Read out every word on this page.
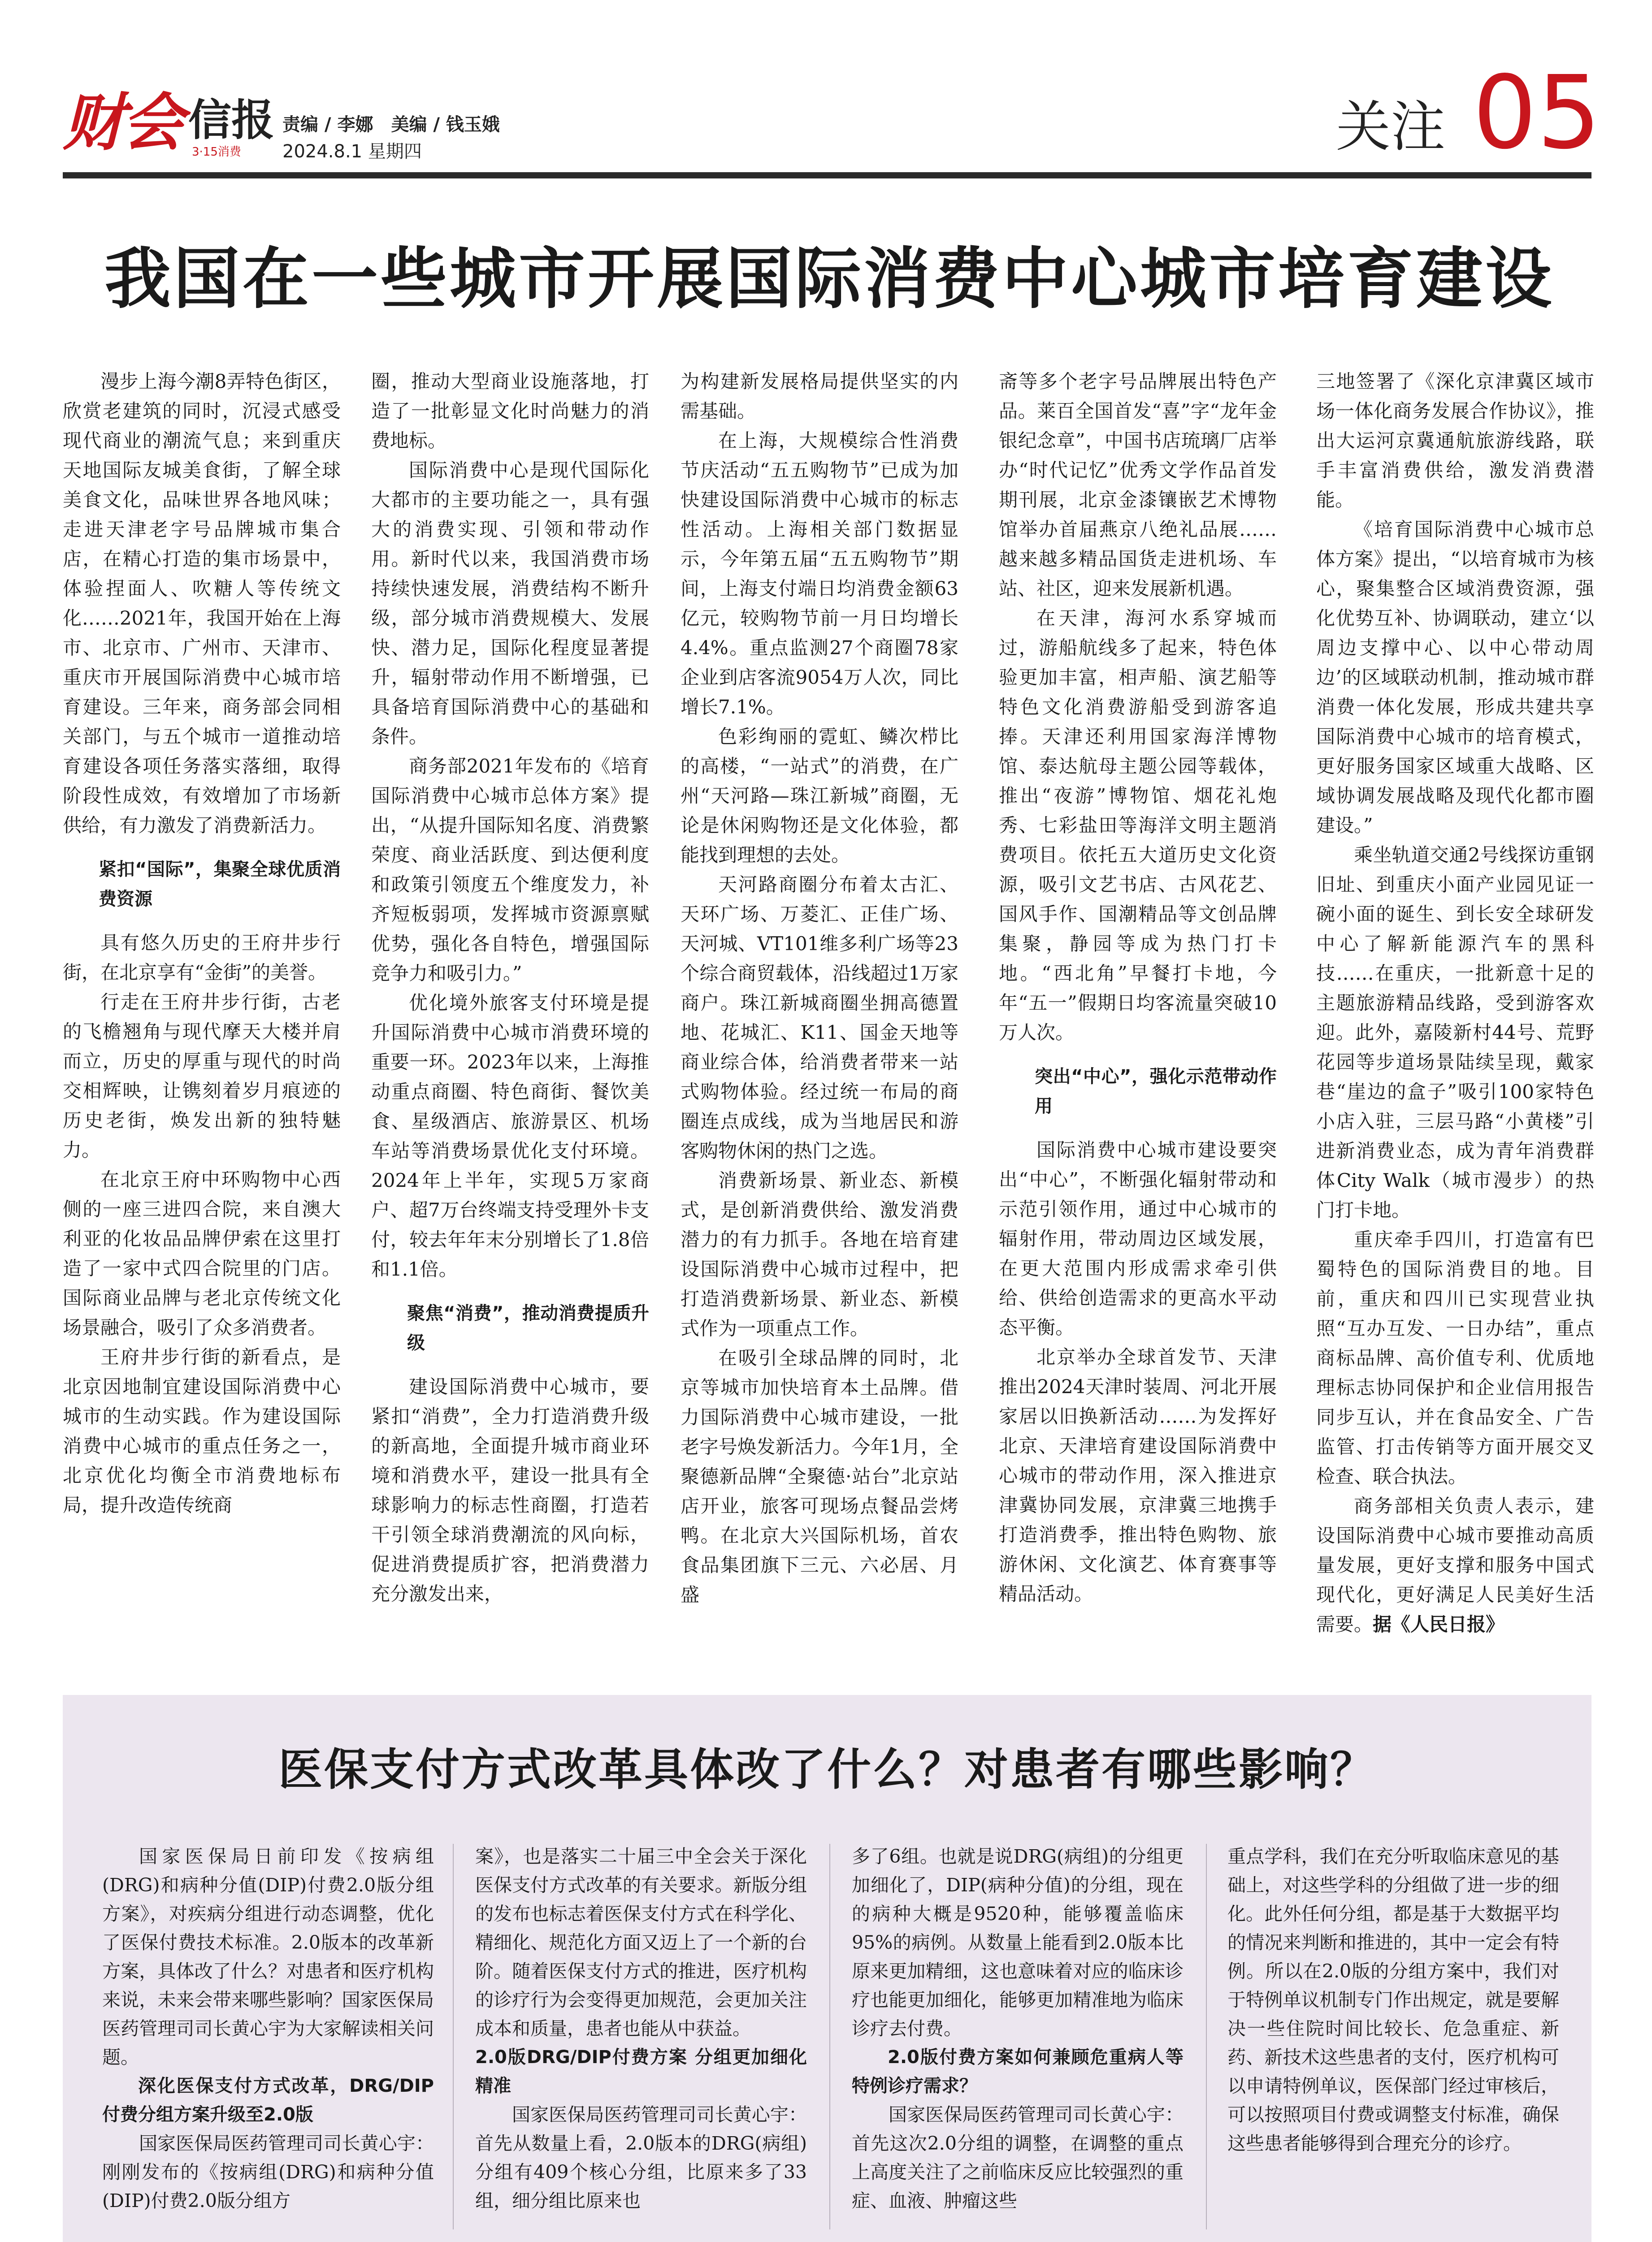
财会 3·15消费
信报 责编 / 李娜　美编 / 钱玉娥
2024.8.1 星期四	关注 05
我国在一些城市开展国际消费中心城市培育建设

漫步上海今潮8弄特色街区，欣赏老建筑的同时，沉浸式感受现代商业的潮流气息；来到重庆天地国际友城美食街，了解全球美食文化，品味世界各地风味；走进天津老字号品牌城市集合店，在精心打造的集市场景中，体验捏面人、吹糖人等传统文化……2021年，我国开始在上海市、北京市、广州市、天津市、重庆市开展国际消费中心城市培育建设。三年来，商务部会同相关部门，与五个城市一道推动培育建设各项任务落实落细，取得阶段性成效，有效增加了市场新供给，有力激发了消费新活力。

紧扣“国际”，集聚全球优质消费资源

具有悠久历史的王府井步行街，在北京享有“金街”的美誉。

行走在王府井步行街，古老的飞檐翘角与现代摩天大楼并肩而立，历史的厚重与现代的时尚交相辉映，让镌刻着岁月痕迹的历史老街，焕发出新的独特魅力。

在北京王府中环购物中心西侧的一座三进四合院，来自澳大利亚的化妆品品牌伊索在这里打造了一家中式四合院里的门店。国际商业品牌与老北京传统文化场景融合，吸引了众多消费者。

王府井步行街的新看点，是北京因地制宜建设国际消费中心城市的生动实践。作为建设国际消费中心城市的重点任务之一，北京优化均衡全市消费地标布局，提升改造传统商

圈，推动大型商业设施落地，打造了一批彰显文化时尚魅力的消费地标。

国际消费中心是现代国际化大都市的主要功能之一，具有强大的消费实现、引领和带动作用。新时代以来，我国消费市场持续快速发展，消费结构不断升级，部分城市消费规模大、发展快、潜力足，国际化程度显著提升，辐射带动作用不断增强，已具备培育国际消费中心的基础和条件。

商务部2021年发布的《培育国际消费中心城市总体方案》提出，“从提升国际知名度、消费繁荣度、商业活跃度、到达便利度和政策引领度五个维度发力，补齐短板弱项，发挥城市资源禀赋优势，强化各自特色，增强国际竞争力和吸引力。”

优化境外旅客支付环境是提升国际消费中心城市消费环境的重要一环。2023年以来，上海推动重点商圈、特色商街、餐饮美食、星级酒店、旅游景区、机场车站等消费场景优化支付环境。2024年上半年，实现5万家商户、超7万台终端支持受理外卡支付，较去年年末分别增长了1.8倍和1.1倍。

聚焦“消费”，推动消费提质升级

建设国际消费中心城市，要紧扣“消费”，全力打造消费升级的新高地，全面提升城市商业环境和消费水平，建设一批具有全球影响力的标志性商圈，打造若干引领全球消费潮流的风向标，促进消费提质扩容，把消费潜力充分激发出来，

为构建新发展格局提供坚实的内需基础。

在上海，大规模综合性消费节庆活动“五五购物节”已成为加快建设国际消费中心城市的标志性活动。上海相关部门数据显示，今年第五届“五五购物节”期间，上海支付端日均消费金额63亿元，较购物节前一月日均增长4.4%。重点监测27个商圈78家企业到店客流9054万人次，同比增长7.1%。

色彩绚丽的霓虹、鳞次栉比的高楼，“一站式”的消费，在广州“天河路—珠江新城”商圈，无论是休闲购物还是文化体验，都能找到理想的去处。

天河路商圈分布着太古汇、天环广场、万菱汇、正佳广场、天河城、VT101维多利广场等23个综合商贸载体，沿线超过1万家商户。珠江新城商圈坐拥高德置地、花城汇、K11、国金天地等商业综合体，给消费者带来一站式购物体验。经过统一布局的商圈连点成线，成为当地居民和游客购物休闲的热门之选。

消费新场景、新业态、新模式，是创新消费供给、激发消费潜力的有力抓手。各地在培育建设国际消费中心城市过程中，把打造消费新场景、新业态、新模式作为一项重点工作。

在吸引全球品牌的同时，北京等城市加快培育本土品牌。借力国际消费中心城市建设，一批老字号焕发新活力。今年1月，全聚德新品牌“全聚德·站台”北京站店开业，旅客可现场点餐品尝烤鸭。在北京大兴国际机场，首农食品集团旗下三元、六必居、月盛

斋等多个老字号品牌展出特色产品。莱百全国首发“喜”字“龙年金银纪念章”，中国书店琉璃厂店举办“时代记忆”优秀文学作品首发期刊展，北京金漆镶嵌艺术博物馆举办首届燕京八绝礼品展……越来越多精品国货走进机场、车站、社区，迎来发展新机遇。

在天津，海河水系穿城而过，游船航线多了起来，特色体验更加丰富，相声船、演艺船等特色文化消费游船受到游客追捧。天津还利用国家海洋博物馆、泰达航母主题公园等载体，推出“夜游”博物馆、烟花礼炮秀、七彩盐田等海洋文明主题消费项目。依托五大道历史文化资源，吸引文艺书店、古风花艺、国风手作、国潮精品等文创品牌集聚，静园等成为热门打卡地。“西北角”早餐打卡地，今年“五一”假期日均客流量突破10万人次。

突出“中心”，强化示范带动作用

国际消费中心城市建设要突出“中心”，不断强化辐射带动和示范引领作用，通过中心城市的辐射作用，带动周边区域发展，在更大范围内形成需求牵引供给、供给创造需求的更高水平动态平衡。

北京举办全球首发节、天津推出2024天津时装周、河北开展家居以旧换新活动……为发挥好北京、天津培育建设国际消费中心城市的带动作用，深入推进京津冀协同发展，京津冀三地携手打造消费季，推出特色购物、旅游休闲、文化演艺、体育赛事等精品活动。

三地签署了《深化京津冀区域市场一体化商务发展合作协议》，推出大运河京冀通航旅游线路，联手丰富消费供给，激发消费潜能。

《培育国际消费中心城市总体方案》提出，“以培育城市为核心，聚集整合区域消费资源，强化优势互补、协调联动，建立‘以周边支撑中心、以中心带动周边’的区域联动机制，推动城市群消费一体化发展，形成共建共享国际消费中心城市的培育模式，更好服务国家区域重大战略、区域协调发展战略及现代化都市圈建设。”

乘坐轨道交通2号线探访重钢旧址、到重庆小面产业园见证一碗小面的诞生、到长安全球研发中心了解新能源汽车的黑科技……在重庆，一批新意十足的主题旅游精品线路，受到游客欢迎。此外，嘉陵新村44号、荒野花园等步道场景陆续呈现，戴家巷“崖边的盒子”吸引100家特色小店入驻，三层马路“小黄楼”引进新消费业态，成为青年消费群体City Walk（城市漫步）的热门打卡地。

重庆牵手四川，打造富有巴蜀特色的国际消费目的地。目前，重庆和四川已实现营业执照“互办互发、一日办结”，重点商标品牌、高价值专利、优质地理标志协同保护和企业信用报告同步互认，并在食品安全、广告监管、打击传销等方面开展交叉检查、联合执法。

商务部相关负责人表示，建设国际消费中心城市要推动高质量发展，更好支撑和服务中国式现代化，更好满足人民美好生活需要。据《人民日报》

医保支付方式改革具体改了什么？对患者有哪些影响？

国家医保局日前印发《按病组(DRG)和病种分值(DIP)付费2.0版分组方案》，对疾病分组进行动态调整，优化了医保付费技术标准。2.0版本的改革新方案，具体改了什么？对患者和医疗机构来说，未来会带来哪些影响？国家医保局医药管理司司长黄心宇为大家解读相关问题。

深化医保支付方式改革，DRG/DIP付费分组方案升级至2.0版

国家医保局医药管理司司长黄心宇：刚刚发布的《按病组(DRG)和病种分值(DIP)付费2.0版分组方

案》，也是落实二十届三中全会关于深化医保支付方式改革的有关要求。新版分组的发布也标志着医保支付方式在科学化、精细化、规范化方面又迈上了一个新的台阶。随着医保支付方式的推进，医疗机构的诊疗行为会变得更加规范，会更加关注成本和质量，患者也能从中获益。

2.0版DRG/DIP付费方案 分组更加细化精准

国家医保局医药管理司司长黄心宇：首先从数量上看，2.0版本的DRG(病组)分组有409个核心分组，比原来多了33组，细分组比原来也

多了6组。也就是说DRG(病组)的分组更加细化了，DIP(病种分值)的分组，现在的病种大概是9520种，能够覆盖临床95%的病例。从数量上能看到2.0版本比原来更加精细，这也意味着对应的临床诊疗也能更加细化，能够更加精准地为临床诊疗去付费。

2.0版付费方案如何兼顾危重病人等特例诊疗需求？

国家医保局医药管理司司长黄心宇：首先这次2.0分组的调整，在调整的重点上高度关注了之前临床反应比较强烈的重症、血液、肿瘤这些

重点学科，我们在充分听取临床意见的基础上，对这些学科的分组做了进一步的细化。此外任何分组，都是基于大数据平均的情况来判断和推进的，其中一定会有特例。所以在2.0版的分组方案中，我们对于特例单议机制专门作出规定，就是要解决一些住院时间比较长、危急重症、新药、新技术这些患者的支付，医疗机构可以申请特例单议，医保部门经过审核后，可以按照项目付费或调整支付标准，确保这些患者能够得到合理充分的诊疗。
